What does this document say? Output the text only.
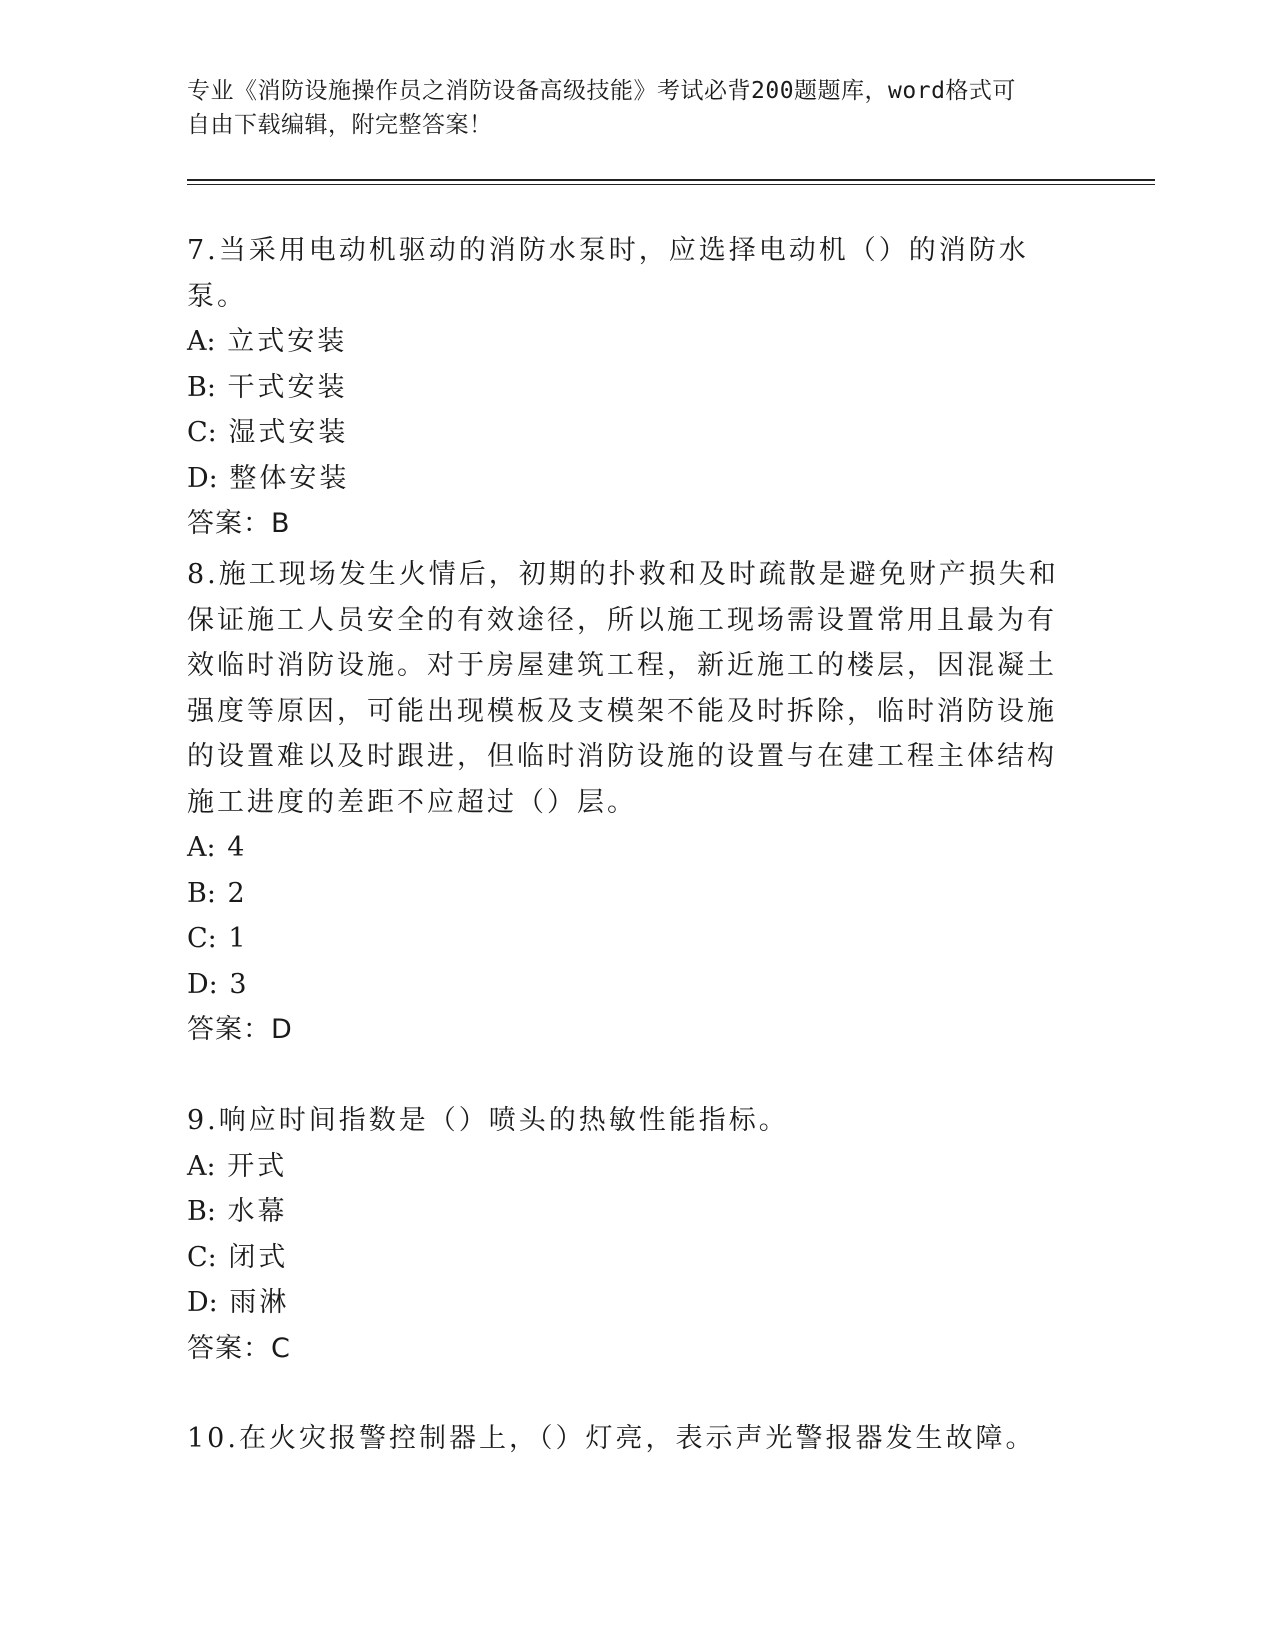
专业《消防设施操作员之消防设备高级技能》考试必背200题题库，word格式可
自由下载编辑，附完整答案！

7.当采用电动机驱动的消防水泵时，应选择电动机（）的消防水泵。

A: 立式安装
B: 干式安装
C: 湿式安装
D: 整体安装
答案：B

8.施工现场发生火情后，初期的扑救和及时疏散是避免财产损失和保证施工人员安全的有效途径，所以施工现场需设置常用且最为有效临时消防设施。对于房屋建筑工程，新近施工的楼层，因混凝土强度等原因，可能出现模板及支模架不能及时拆除，临时消防设施的设置难以及时跟进，但临时消防设施的设置与在建工程主体结构施工进度的差距不应超过（）层。

A: 4
B: 2
C: 1
D: 3
答案：D

9.响应时间指数是（）喷头的热敏性能指标。

A: 开式
B: 水幕
C: 闭式
D: 雨淋
答案：C

10.在火灾报警控制器上，（）灯亮，表示声光警报器发生故障。
